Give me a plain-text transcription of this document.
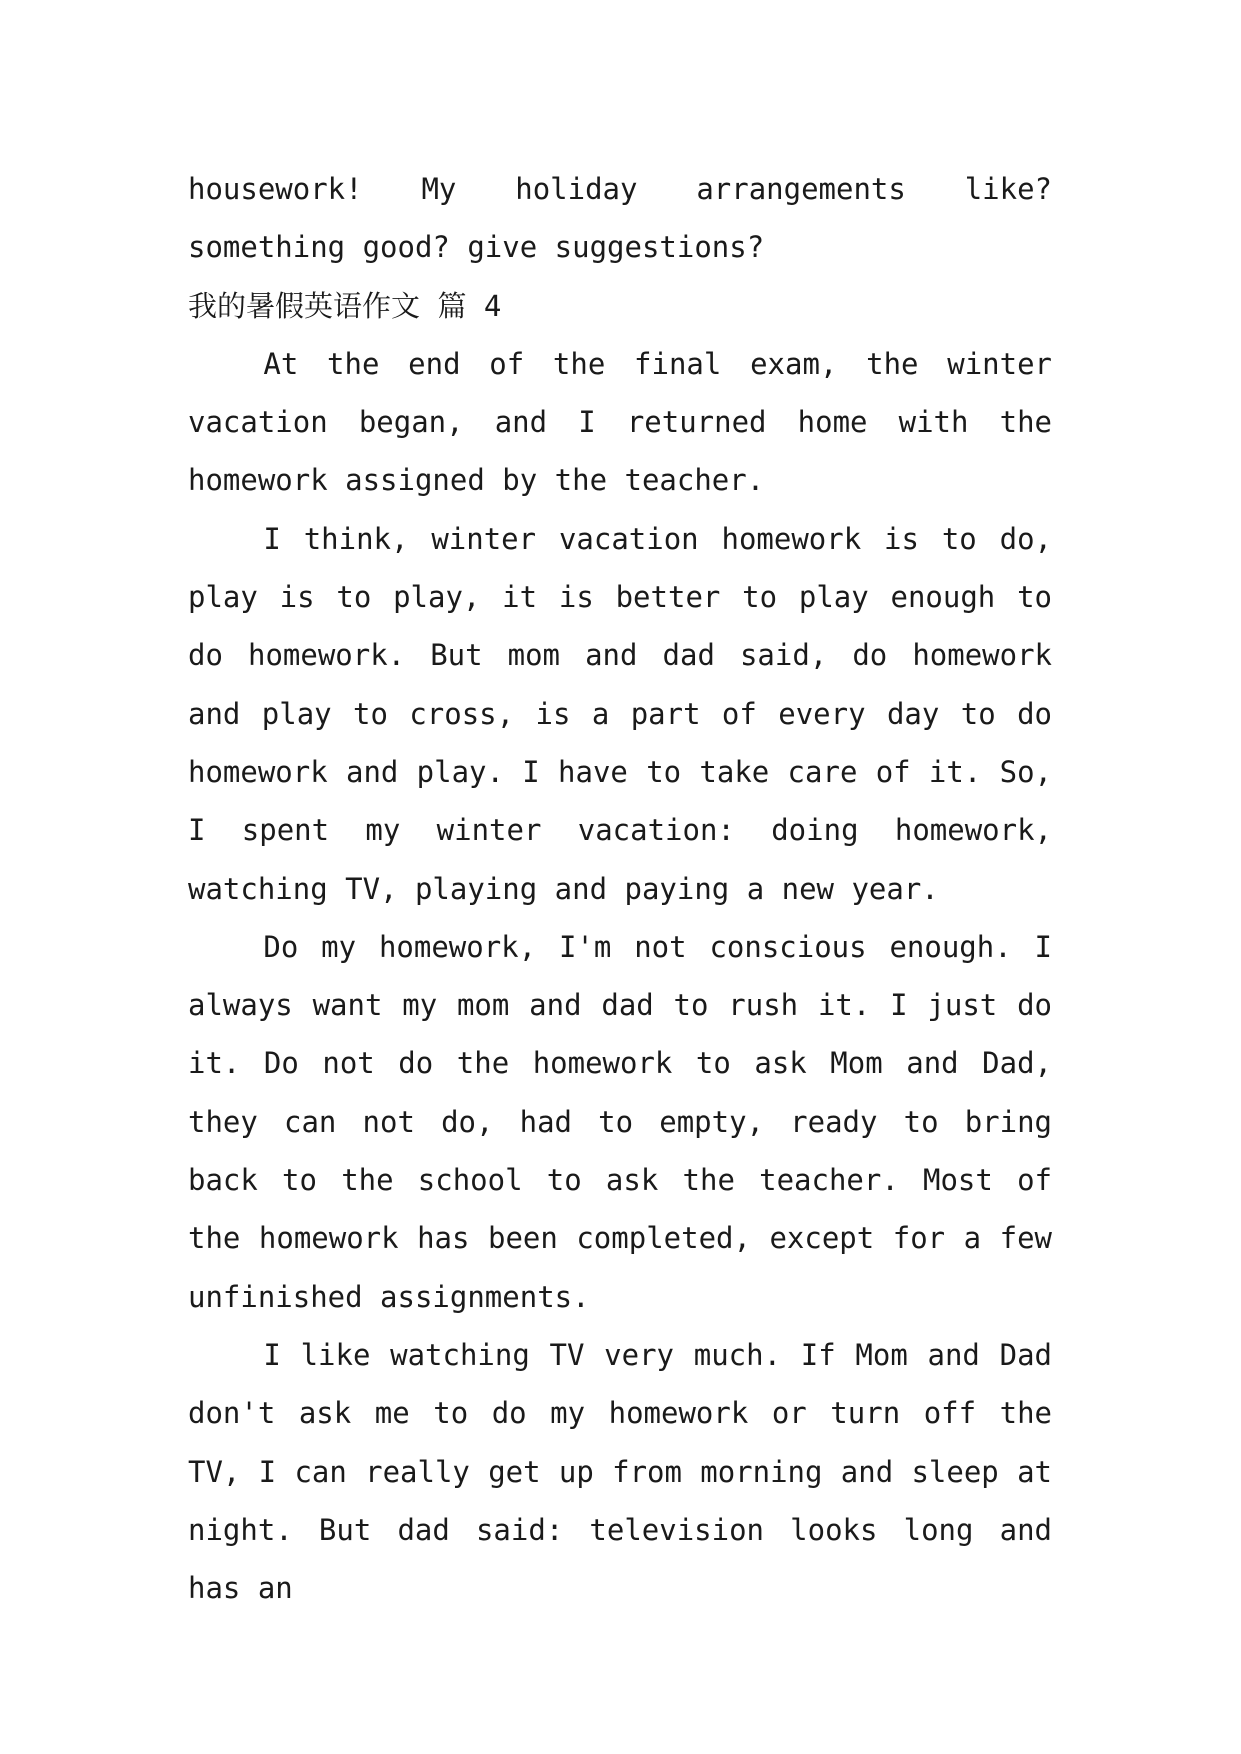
housework! My holiday arrangements like? something good? give suggestions?

我的暑假英语作文 篇 4

At the end of the final exam, the winter vacation began, and I returned home with the homework assigned by the teacher.

I think, winter vacation homework is to do, play is to play, it is better to play enough to do homework. But mom and dad said, do homework and play to cross, is a part of every day to do homework and play. I have to take care of it. So, I spent my winter vacation: doing homework, watching TV, playing and paying a new year.

Do my homework, I'm not conscious enough. I always want my mom and dad to rush it. I just do it. Do not do the homework to ask Mom and Dad, they can not do, had to empty, ready to bring back to the school to ask the teacher. Most of the homework has been completed, except for a few unfinished assignments.

I like watching TV very much. If Mom and Dad don't ask me to do my homework or turn off the TV, I can really get up from morning and sleep at night. But dad said: television looks long and has an
